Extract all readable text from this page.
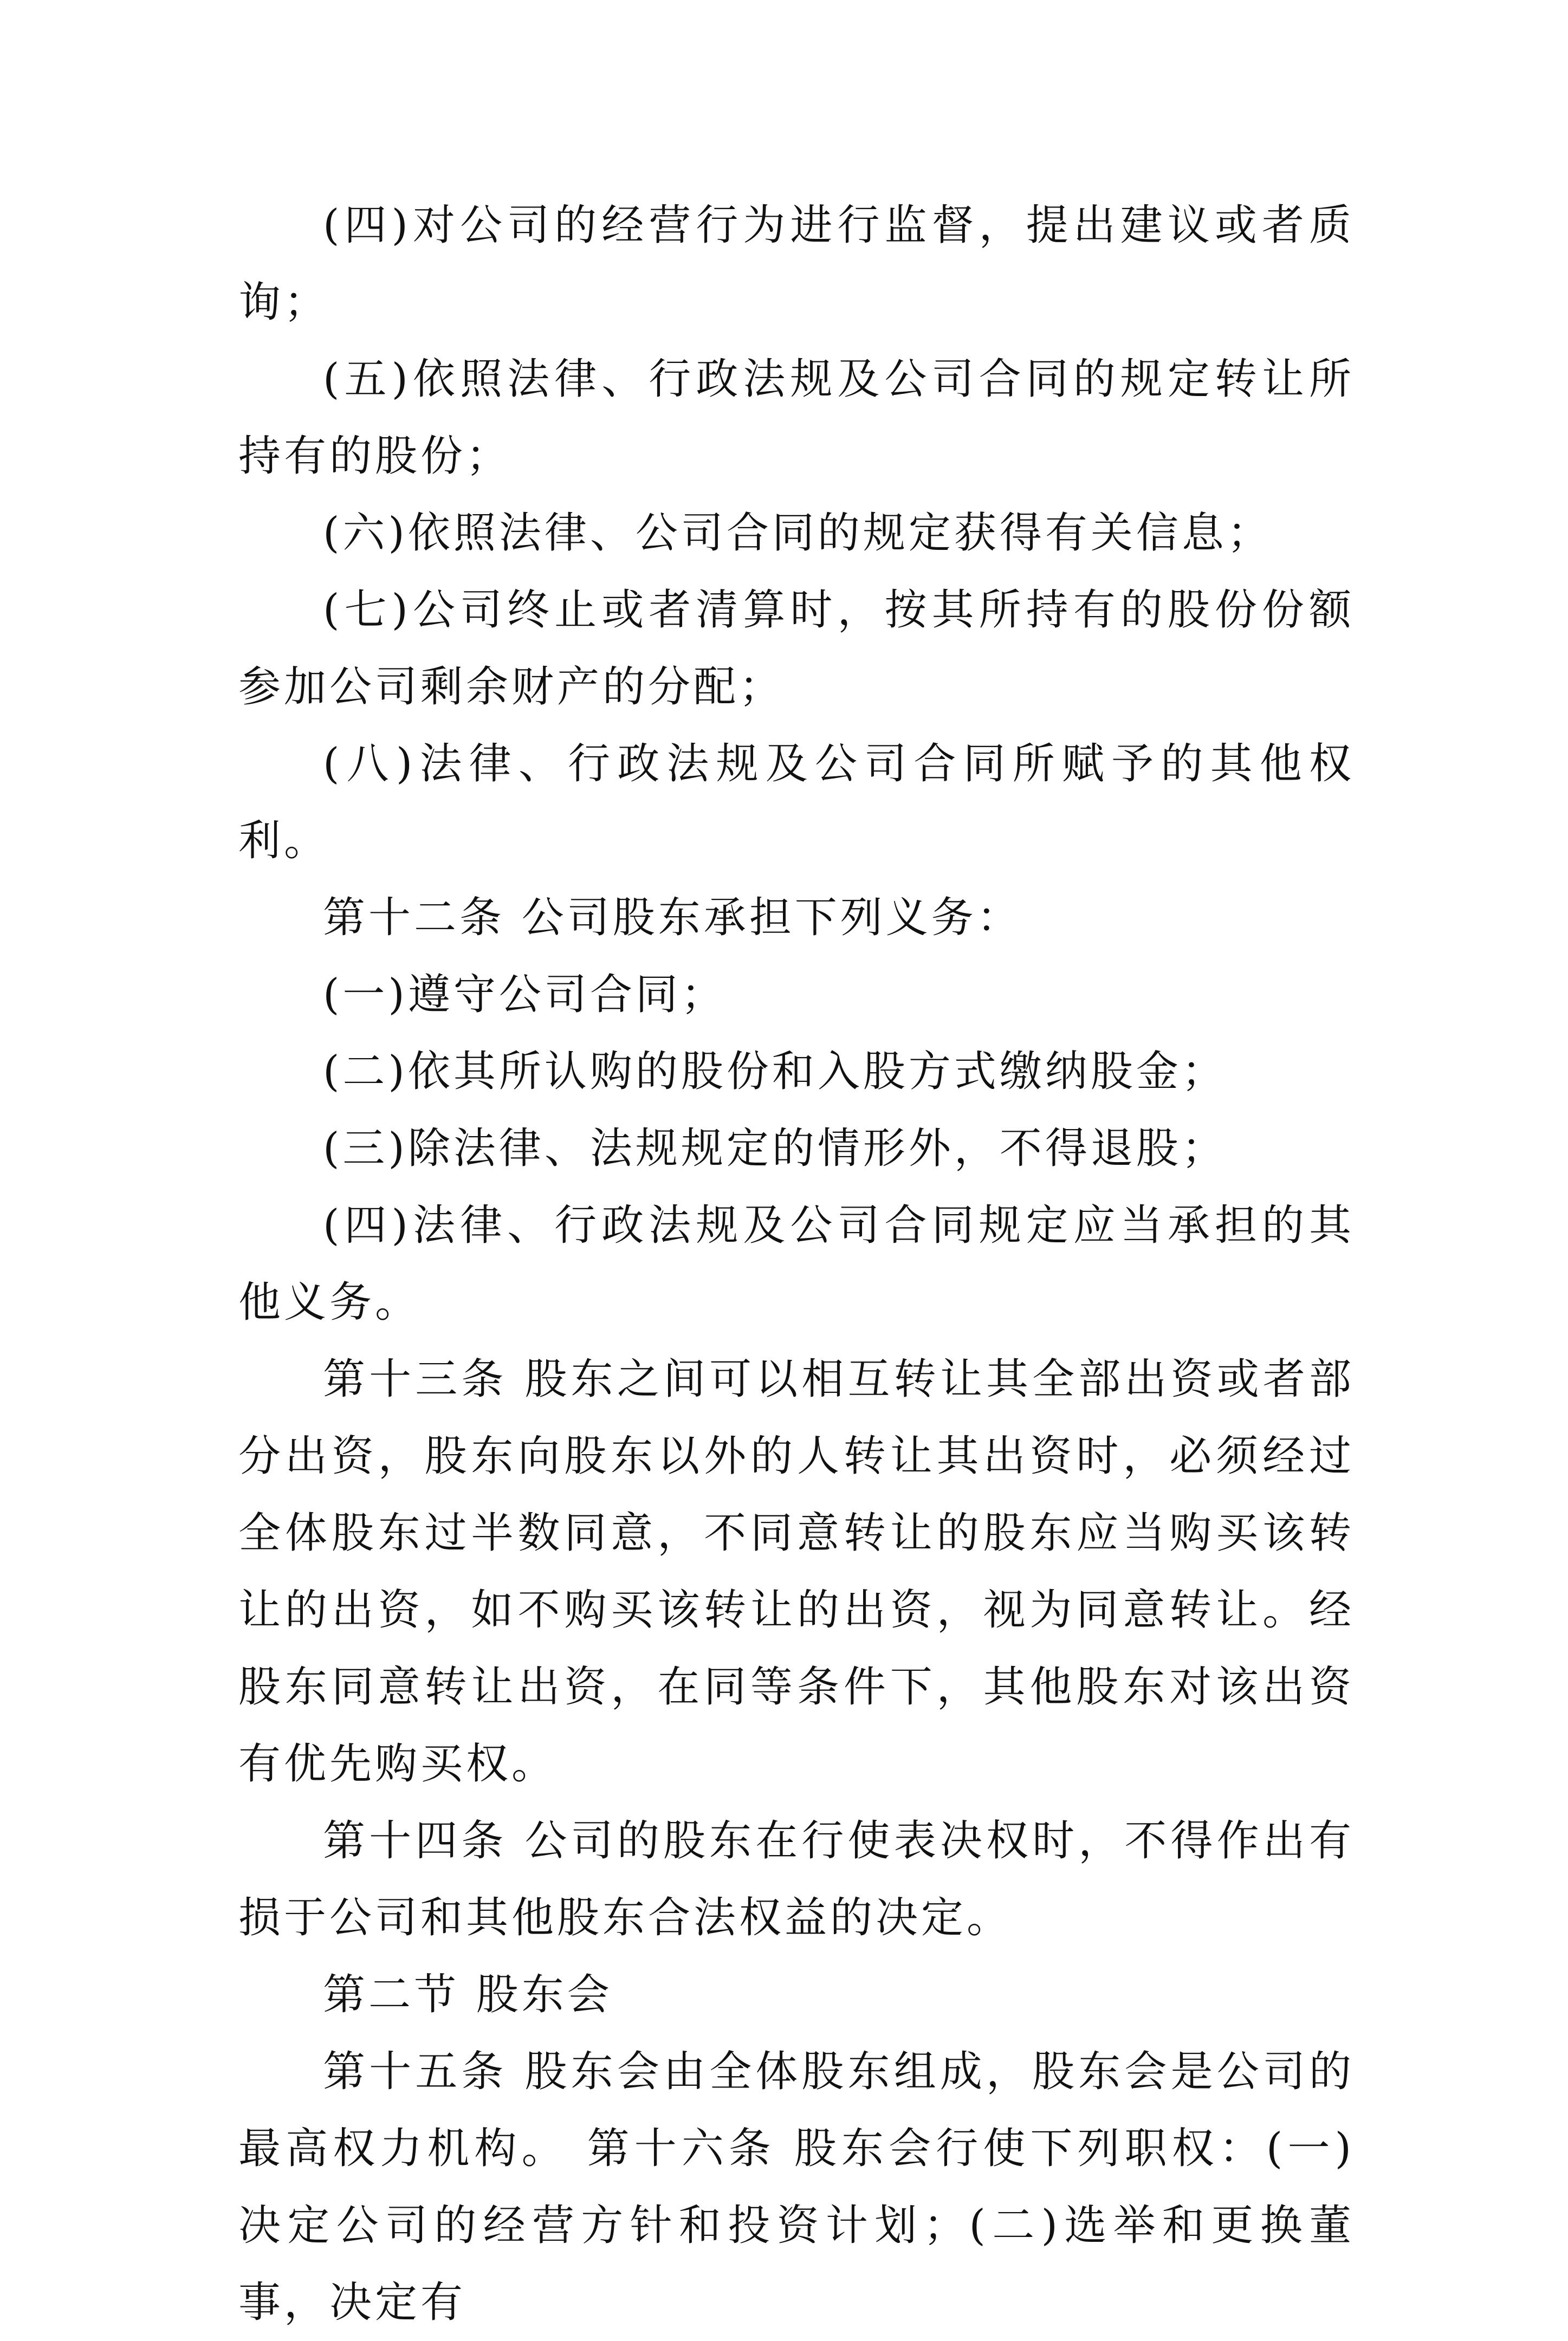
(四)对公司的经营行为进行监督，提出建议或者质询；

(五)依照法律、行政法规及公司合同的规定转让所持有的股份；

(六)依照法律、公司合同的规定获得有关信息；

(七)公司终止或者清算时，按其所持有的股份份额参加公司剩余财产的分配；

(八)法律、行政法规及公司合同所赋予的其他权利。

第十二条 公司股东承担下列义务：

(一)遵守公司合同；

(二)依其所认购的股份和入股方式缴纳股金；

(三)除法律、法规规定的情形外，不得退股；

(四)法律、行政法规及公司合同规定应当承担的其他义务。

第十三条 股东之间可以相互转让其全部出资或者部分出资，股东向股东以外的人转让其出资时，必须经过全体股东过半数同意，不同意转让的股东应当购买该转让的出资，如不购买该转让的出资，视为同意转让。经股东同意转让出资，在同等条件下，其他股东对该出资有优先购买权。

第十四条 公司的股东在行使表决权时，不得作出有损于公司和其他股东合法权益的决定。

第二节 股东会

第十五条 股东会由全体股东组成，股东会是公司的最高权力机构。 第十六条 股东会行使下列职权：(一)决定公司的经营方针和投资计划；(二)选举和更换董事，决定有
